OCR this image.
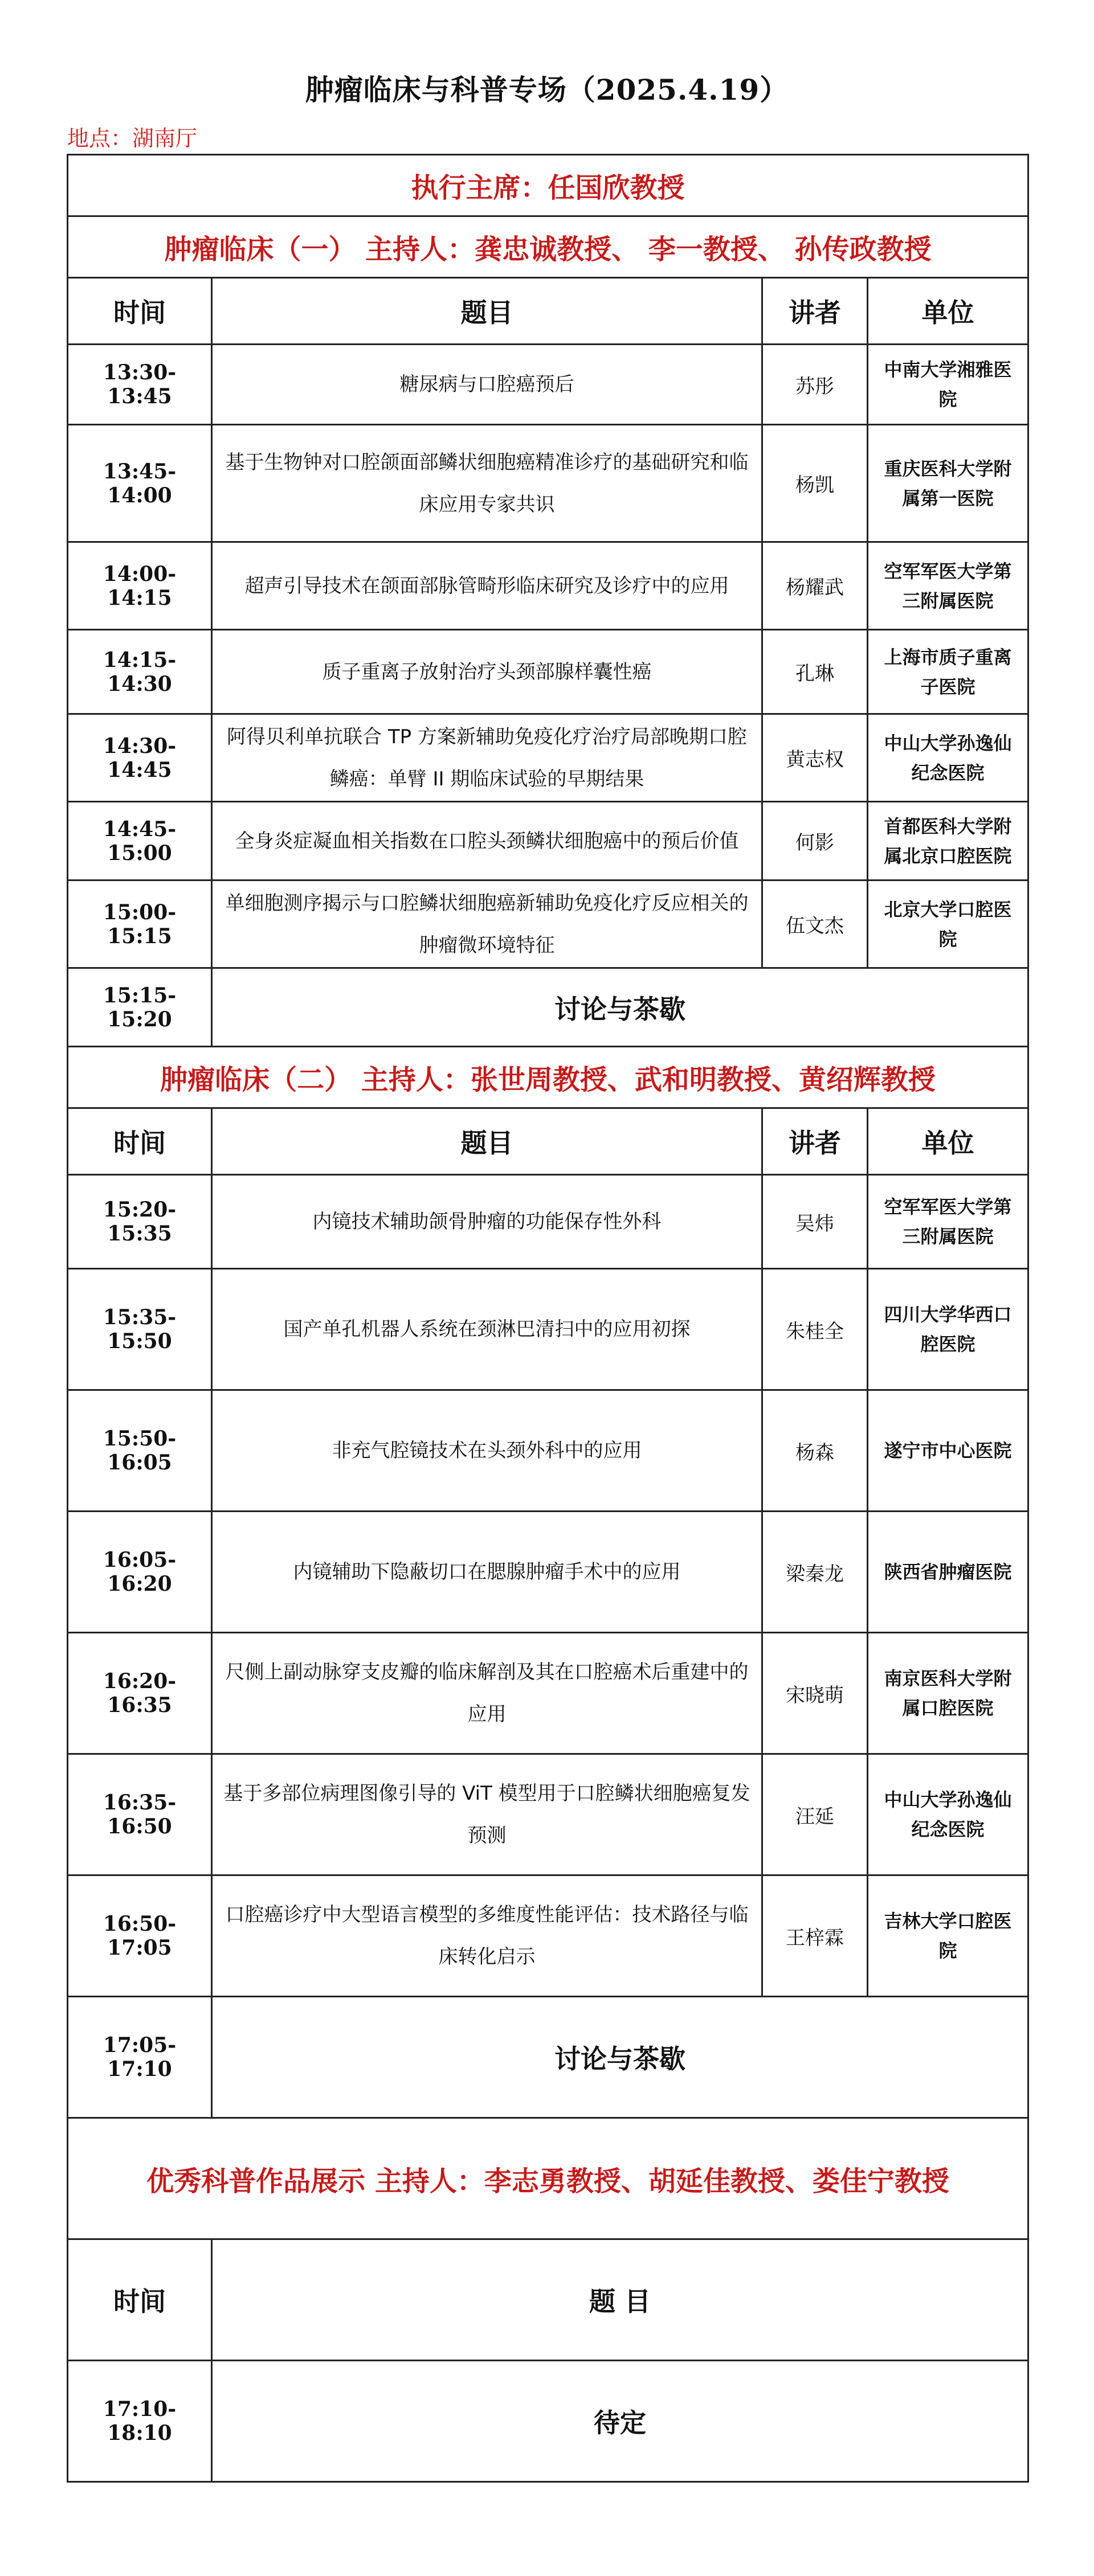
肿瘤临床与科普专场（2025.4.19）
地点：湖南厅
执行主席：任国欣教授			
肿瘤临床（一） 主持人：龚忠诚教授、 李一教授、 孙传政教授			
时间	题目	讲者	单位
13:30-13:45	糖尿病与口腔癌预后	苏彤	中南大学湘雅医院
13:45-14:00	基于生物钟对口腔颌面部鳞状细胞癌精准诊疗的基础研究和临床应用专家共识	杨凯	重庆医科大学附属第一医院
14:00-14:15	超声引导技术在颌面部脉管畸形临床研究及诊疗中的应用	杨耀武	空军军医大学第三附属医院
14:15-14:30	质子重离子放射治疗头颈部腺样囊性癌	孔琳	上海市质子重离子医院
14:30-14:45	阿得贝利单抗联合 TP 方案新辅助免疫化疗治疗局部晚期口腔鳞癌：单臂 II 期临床试验的早期结果	黄志权	中山大学孙逸仙纪念医院
14:45-15:00	全身炎症凝血相关指数在口腔头颈鳞状细胞癌中的预后价值	何影	首都医科大学附属北京口腔医院
15:00-15:15	单细胞测序揭示与口腔鳞状细胞癌新辅助免疫化疗反应相关的肿瘤微环境特征	伍文杰	北京大学口腔医院
15:15-15:20	讨论与茶歇		
肿瘤临床（二） 主持人：张世周教授、武和明教授、黄绍辉教授			
时间	题目	讲者	单位
15:20-15:35	内镜技术辅助颌骨肿瘤的功能保存性外科	吴炜	空军军医大学第三附属医院
15:35-15:50	国产单孔机器人系统在颈淋巴清扫中的应用初探	朱桂全	四川大学华西口腔医院
15:50-16:05	非充气腔镜技术在头颈外科中的应用	杨森	遂宁市中心医院
16:05-16:20	内镜辅助下隐蔽切口在腮腺肿瘤手术中的应用	梁秦龙	陕西省肿瘤医院
16:20-16:35	尺侧上副动脉穿支皮瓣的临床解剖及其在口腔癌术后重建中的应用	宋晓萌	南京医科大学附属口腔医院
16:35-16:50	基于多部位病理图像引导的 ViT 模型用于口腔鳞状细胞癌复发预测	汪延	中山大学孙逸仙纪念医院
16:50-17:05	口腔癌诊疗中大型语言模型的多维度性能评估：技术路径与临床转化启示	王梓霖	吉林大学口腔医院
17:05-17:10	讨论与茶歇		
优秀科普作品展示 主持人：李志勇教授、胡延佳教授、娄佳宁教授			
时间	题 目		
17:10-18:10	待定		
